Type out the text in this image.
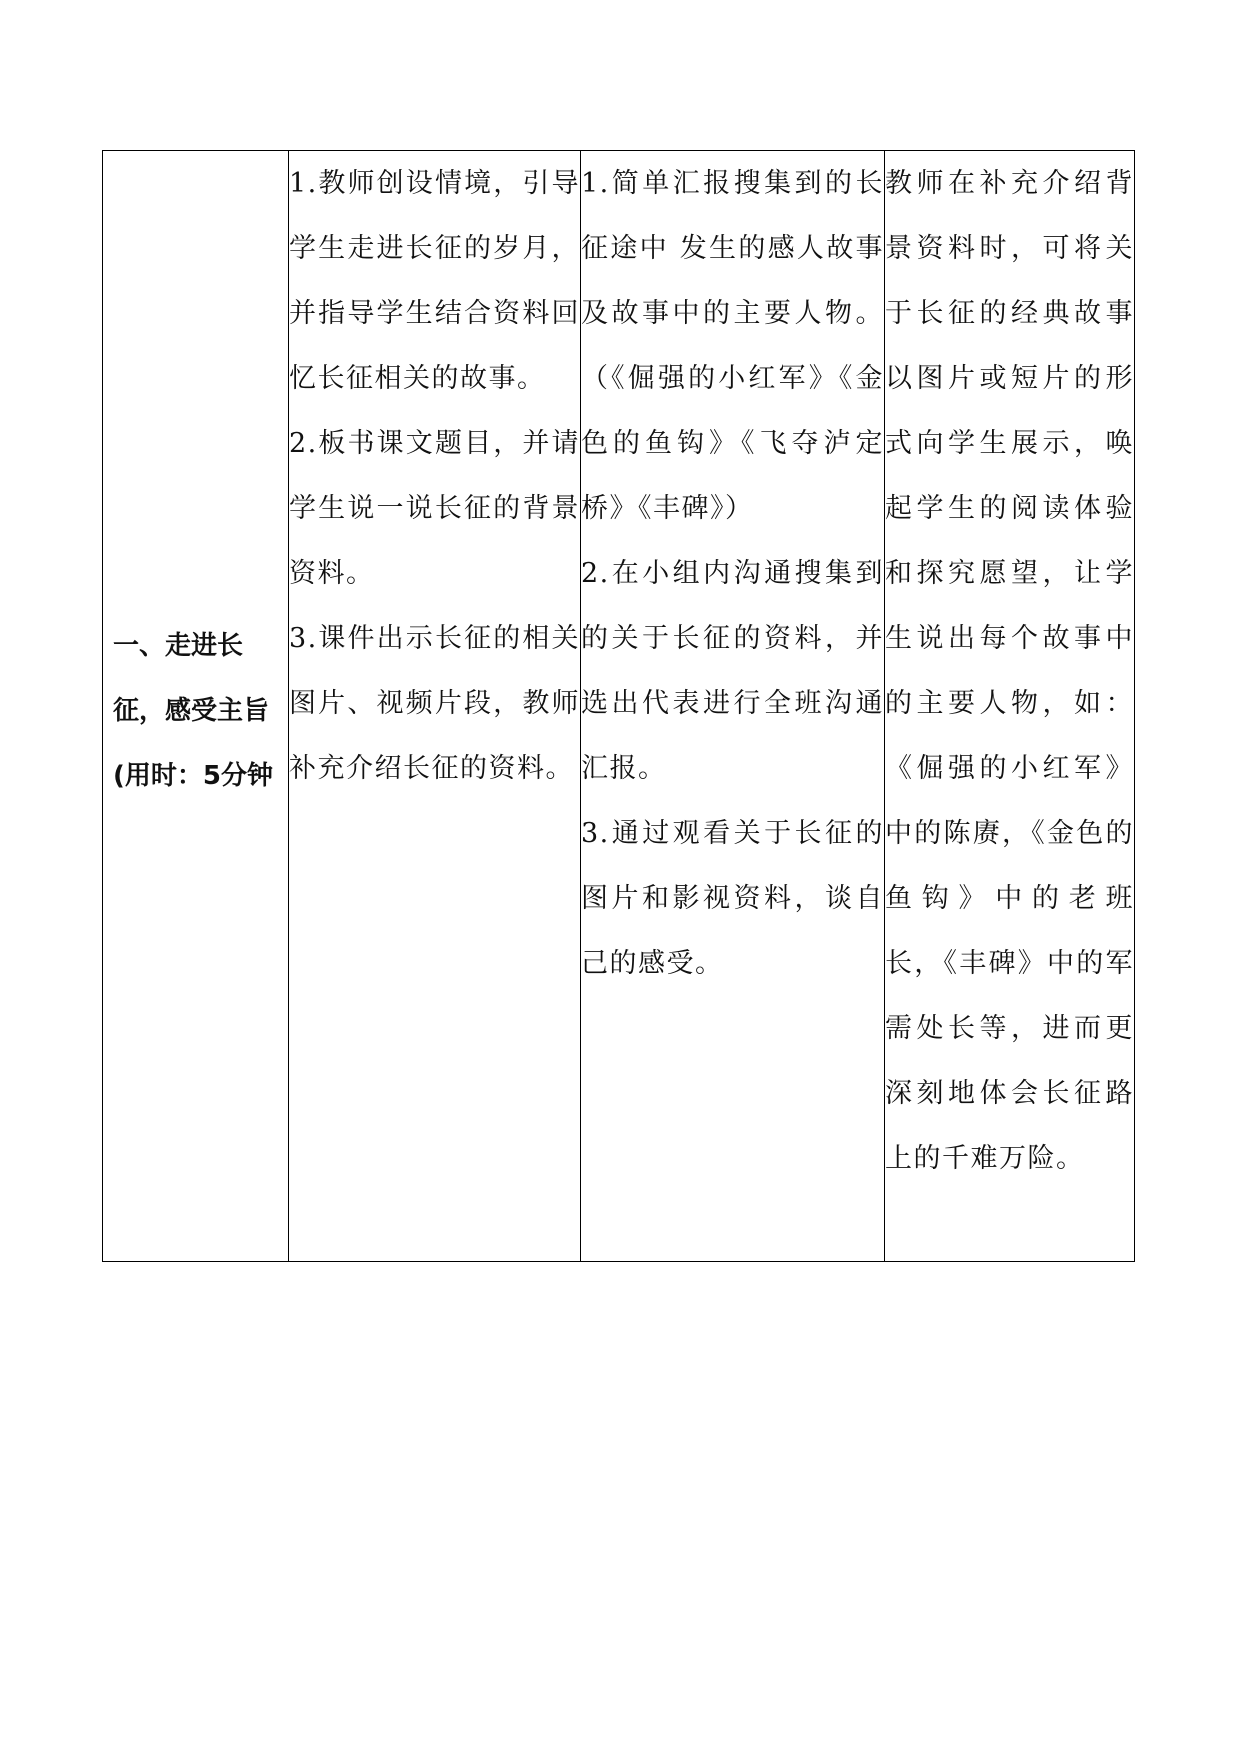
一、走进长征，感受主旨(用时：5分钟

1.教师创设情境，引导学生走进长征的岁月，并指导学生结合资料回忆长征相关的故事。
2.板书课文题目，并请学生说一说长征的背景资料。
3.课件出示长征的相关图片、视频片段，教师补充介绍长征的资料。

1.简单汇报搜集到的长征途中 发生的感人故事及故事中的主要人物。（《倔强的小红军》《金色的鱼钩》《飞夺泸定桥》《丰碑》）
2.在小组内沟通搜集到的关于长征的资料，并选出代表进行全班沟通汇报。
3.通过观看关于长征的图片和影视资料，谈自己的感受。

教师在补充介绍背景资料时，可将关于长征的经典故事以图片或短片的形式向学生展示，唤起学生的阅读体验和探究愿望，让学生说出每个故事中的主要人物，如：《倔强的小红军》中的陈赓，《金色的鱼钩》中的老班长，《丰碑》中的军需处长等，进而更深刻地体会长征路上的千难万险。
